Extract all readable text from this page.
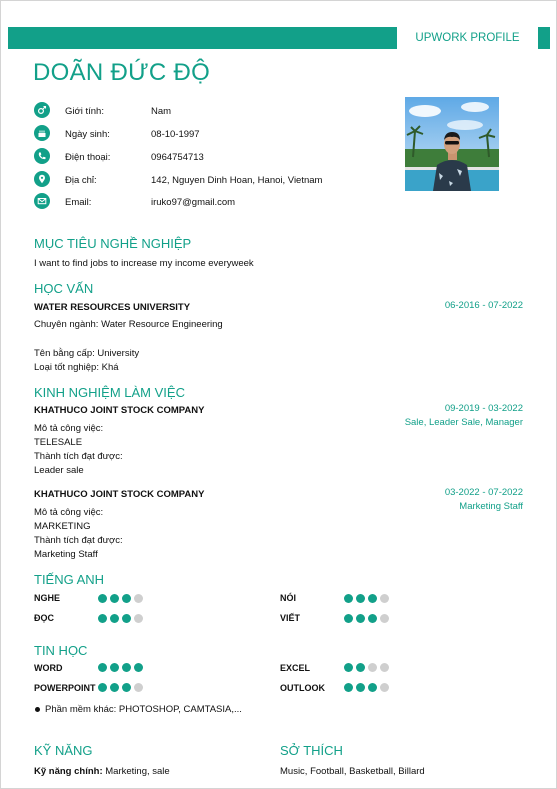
UPWORK PROFILE
DOÃN ĐỨC ĐỘ
Giới tính:	Nam
Ngày sinh:	08-10-1997
Điện thoại:	0964754713
Địa chỉ:	142, Nguyen Dinh Hoan, Hanoi, Vietnam
Email:	iruko97@gmail.com
MỤC TIÊU NGHỀ NGHIỆP
I want to find jobs to increase my income everyweek
HỌC VẤN
WATER RESOURCES UNIVERSITY	06-2016 - 07-2022
Chuyên ngành: Water Resource Engineering
Tên bằng cấp: University
Loại tốt nghiệp: Khá
KINH NGHIỆM LÀM VIỆC
KHATHUCO JOINT STOCK COMPANY	09-2019 - 03-2022
Sale, Leader Sale, Manager
Mô tả công việc:
TELESALE
Thành tích đạt được:
Leader sale
KHATHUCO JOINT STOCK COMPANY	03-2022 - 07-2022
Marketing Staff
Mô tả công việc:
MARKETING
Thành tích đạt được:
Marketing Staff
TIẾNG ANH
NGHE	NÓI
ĐỌC	VIẾT
TIN HỌC
WORD	EXCEL
POWERPOINT	OUTLOOK
Phần mềm khác: PHOTOSHOP, CAMTASIA,...
KỸ NĂNG
Kỹ năng chính: Marketing, sale
SỞ THÍCH
Music, Football, Basketball, Billard
